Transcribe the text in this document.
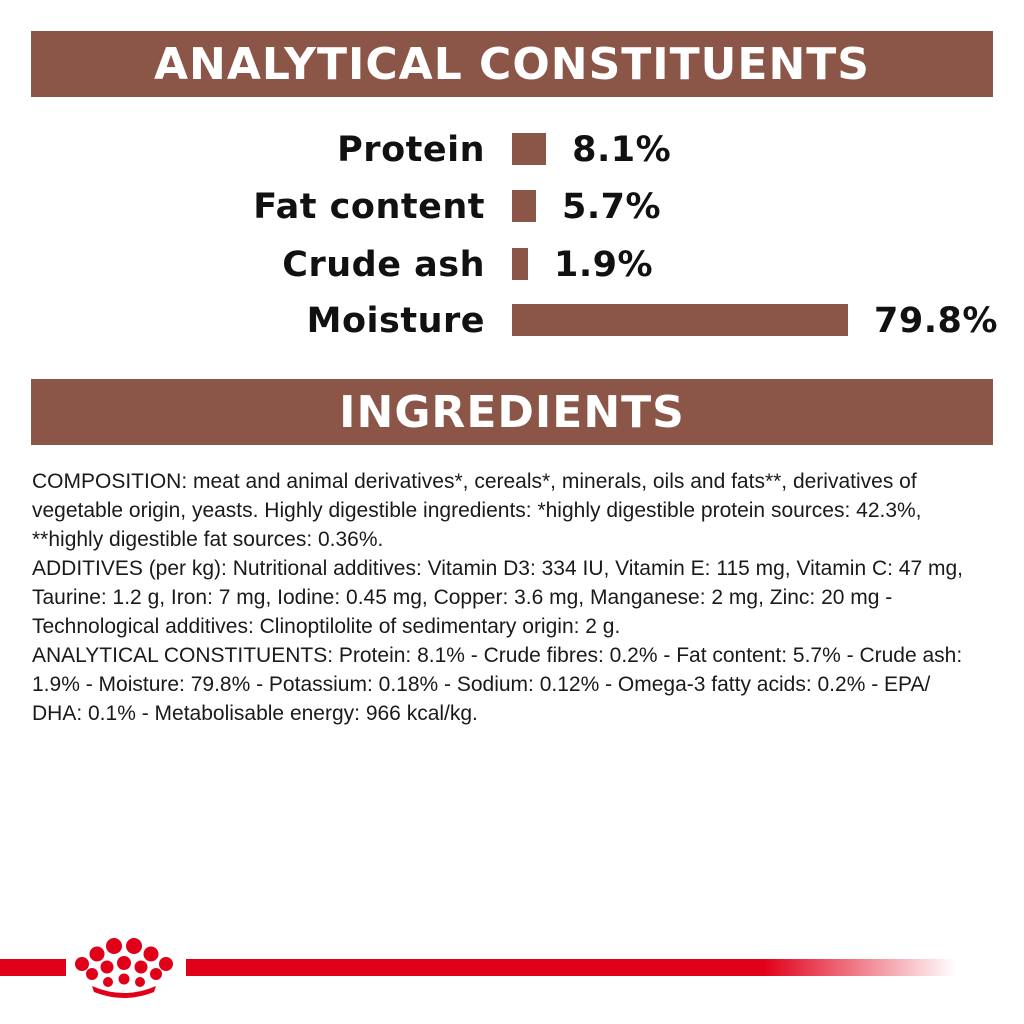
ANALYTICAL CONSTITUENTS
Protein 8.1%
Fat content 5.7%
Crude ash 1.9%
Moisture	79.8%
INGREDIENTS

COMPOSITION: meat and animal derivatives*, cereals*, minerals, oils and fats**, derivatives of vegetable origin, yeasts. Highly digestible ingredients: *highly digestible protein sources: 42.3%, **highly digestible fat sources: 0.36%.

ADDITIVES (per kg): Nutritional additives: Vitamin D3: 334 IU, Vitamin E: 115 mg, Vitamin C: 47 mg, Taurine: 1.2 g, Iron: 7 mg, Iodine: 0.45 mg, Copper: 3.6 mg, Manganese: 2 mg, Zinc: 20 mg - Technological additives: Clinoptilolite of sedimentary origin: 2 g.

ANALYTICAL CONSTITUENTS: Protein: 8.1% - Crude fibres: 0.2% - Fat content: 5.7% - Crude ash: 1.9% - Moisture: 79.8% - Potassium: 0.18% - Sodium: 0.12% - Omega-3 fatty acids: 0.2% - EPA/ DHA: 0.1% - Metabolisable energy: 966 kcal/kg.
